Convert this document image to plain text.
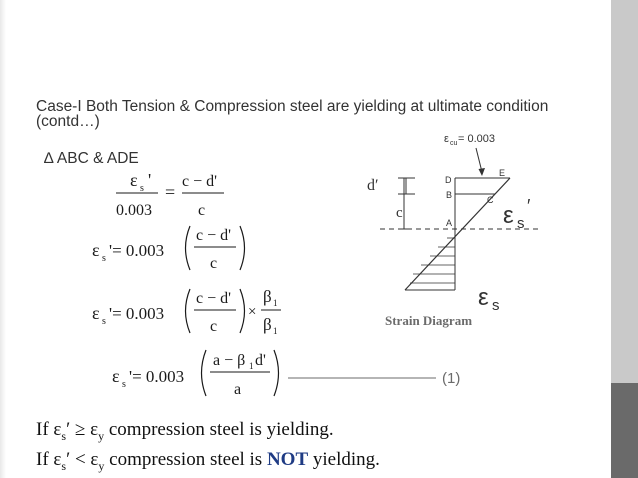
Case-I Both Tension & Compression steel are yielding at ultimate condition (contd…)
∆ ABC & ADE
ε s '
0.003
=
c − d'
c
ε s '= 0.003
c − d'
c
ε s '= 0.003
c − d'
c
×
β 1
β 1
ε s '= 0.003
a − β 1 d'
a
(1)
ε cu = 0.003
D
B
A
E
C
d′
c	ε s
′
ε s
Strain Diagram
If $\varepsilon_s' \ge \varepsilon_y$ compression steel is yielding.
If $\varepsilon_s' < \varepsilon_y$ compression steel is NOT yielding.
